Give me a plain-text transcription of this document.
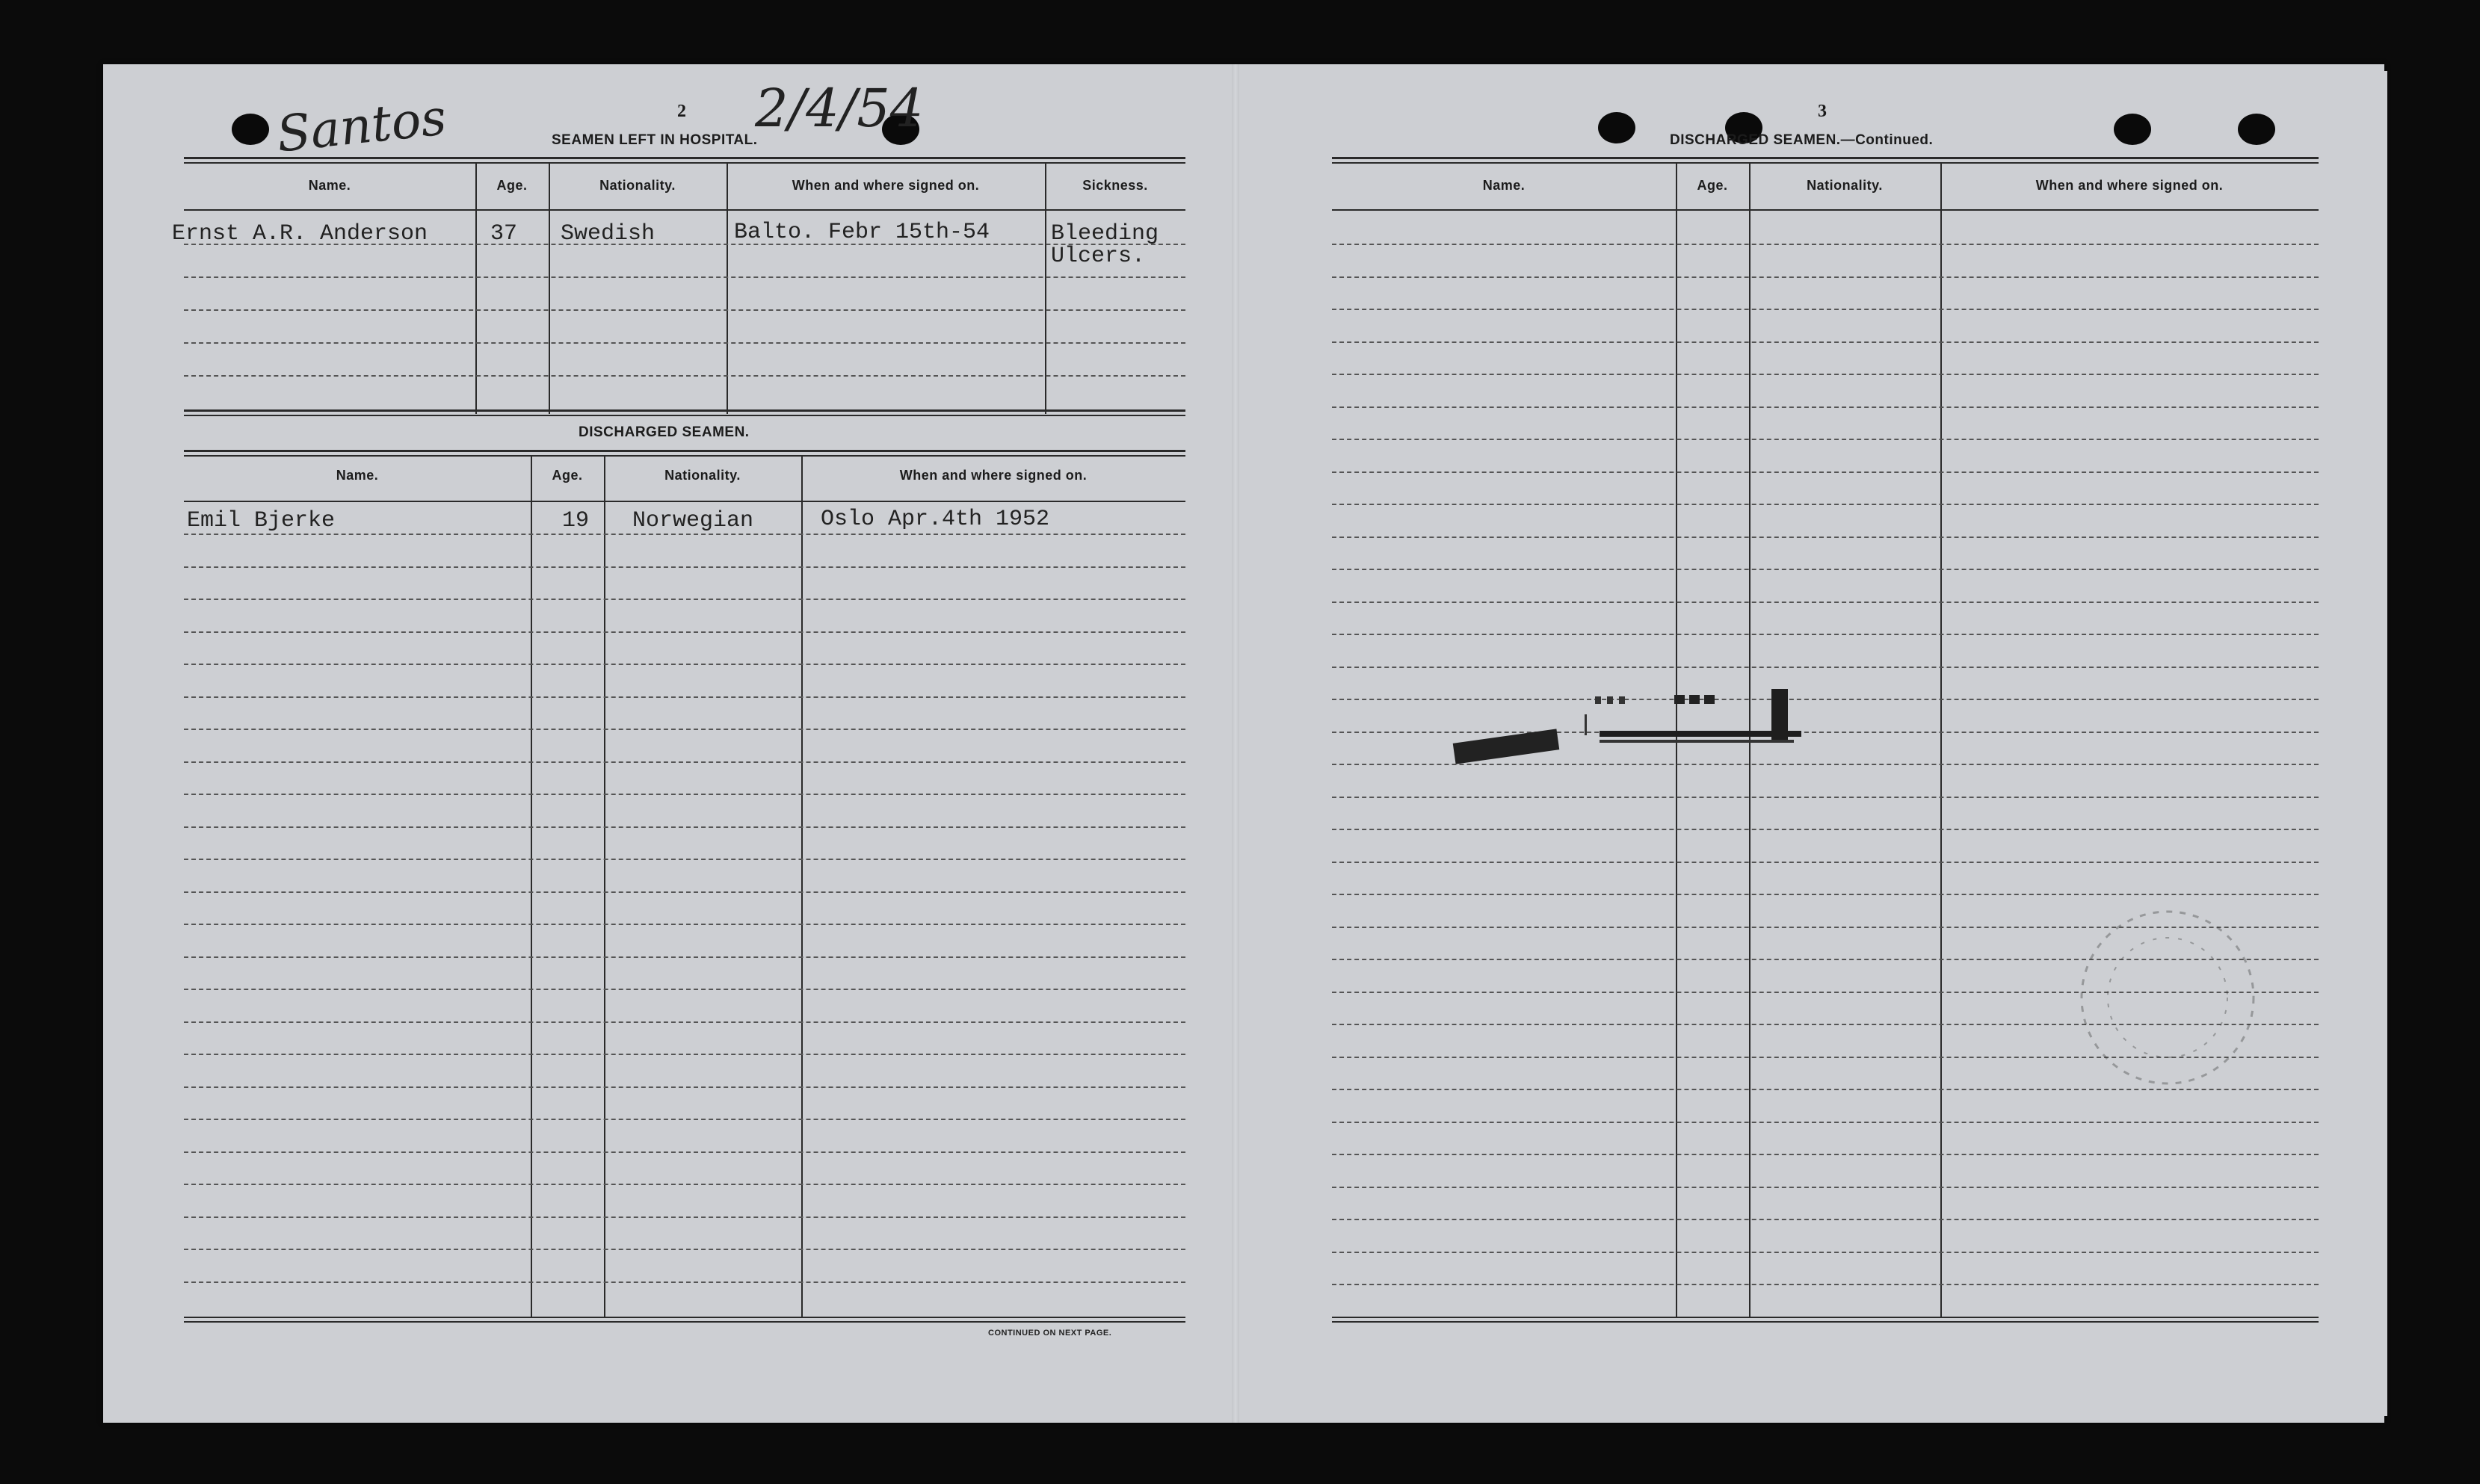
Santos	2/4/54
2
SEAMEN LEFT IN HOSPITAL.
Name.	Age.	Nationality.	When and where signed on.	Sickness.
Ernst A.R. Anderson	37 Swedish	Balto. Febr 15th-54	Bleeding
Ulcers.
DISCHARGED SEAMEN.
Name.	Age.	Nationality.	When and where signed on.
Emil Bjerke	19 Norwegian	Oslo Apr.4th 1952
CONTINUED ON NEXT PAGE.
3
DISCHARGED SEAMEN.—Continued.
Name.	Age.	Nationality.	When and where signed on.
